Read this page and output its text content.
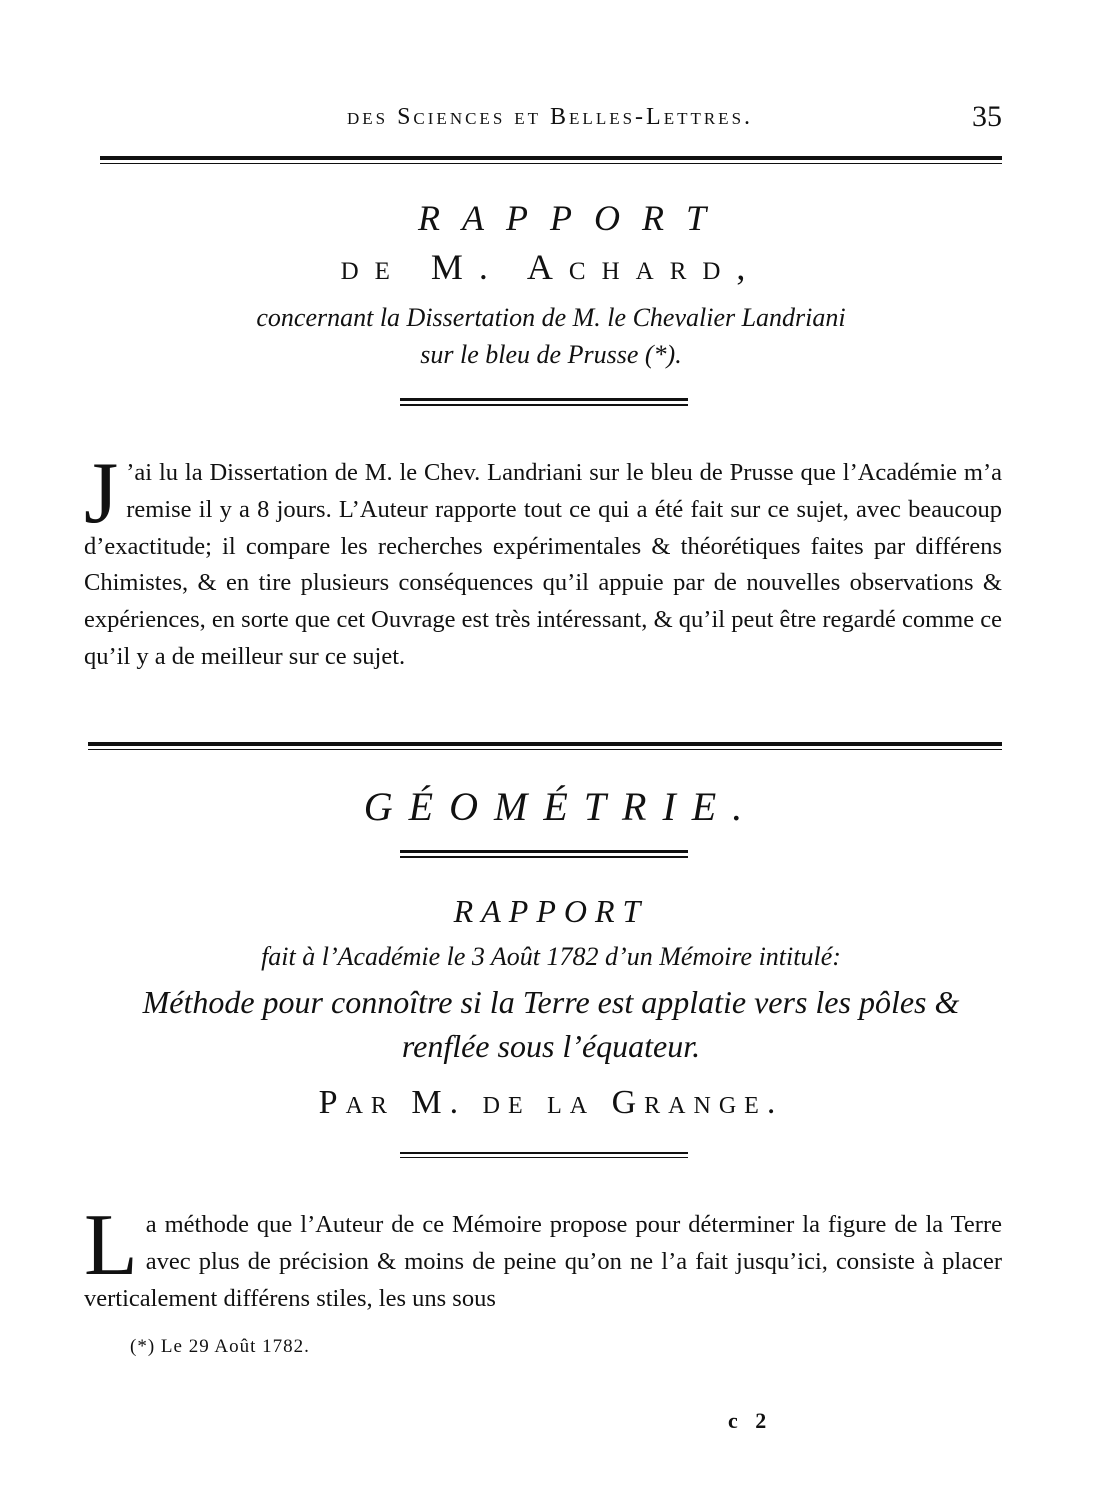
des Sciences et Belles-Lettres.	35
RAPPORT
de M. Achard,
concernant la Dissertation de M. le Chevalier Landriani
sur le bleu de Prusse (*).

J ’ai lu la Dissertation de M. le Chev. Landriani sur le bleu de Prusse que l’Académie m’a remise il y a 8 jours. L’Auteur rapporte tout ce qui a été fait sur ce sujet, avec beaucoup d’exactitude; il compare les recherches expérimentales & théorétiques faites par différens Chimistes, & en tire plusieurs conséquences qu’il appuie par de nouvelles observations & expériences, en sorte que cet Ouvrage est très intéressant, & qu’il peut être regardé comme ce qu’il y a de meilleur sur ce sujet.

GÉOMÉTRIE.
RAPPORT
fait à l’Académie le 3 Août 1782 d’un Mémoire intitulé:
Méthode pour connoître si la Terre est applatie vers les pôles &
renflée sous l’équateur.
Par M. de la Grange.

La méthode que l’Auteur de ce Mémoire propose pour déterminer la figure de la Terre avec plus de précision & moins de peine qu’on ne l’a fait jusqu’ici, consiste à placer verticalement différens stiles, les uns sous

(*) Le 29 Août 1782.
c 2
